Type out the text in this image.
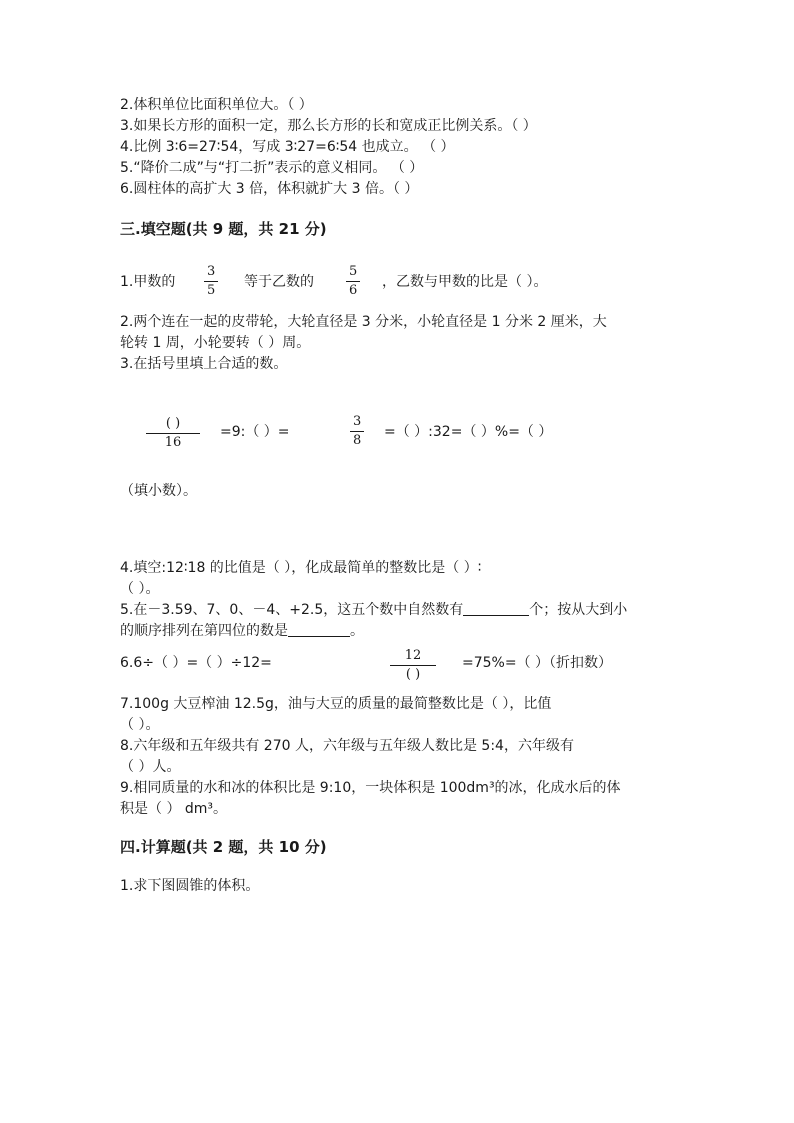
2.体积单位比面积单位大。（ ）
3.如果长方形的面积一定，那么长方形的长和宽成正比例关系。（ ）
4.比例 3∶6=27∶54，写成 3∶27=6∶54 也成立。 （ ）
5.“降价二成”与“打二折”表示的意义相同。 （ ）
6.圆柱体的高扩大 3 倍，体积就扩大 3 倍。（ ）
三.填空题(共 9 题，共 21 分)
1.甲数的
3
5
等于乙数的
5
6
，乙数与甲数的比是（ ）。
2.两个连在一起的皮带轮，大轮直径是 3 分米，小轮直径是 1 分米 2 厘米，大
轮转 1 周，小轮要转（ ）周。
3.在括号里填上合适的数。
( )
16
=9:（ ）=
3
8
=（ ）:32=（ ）%=（ ）
（填小数）。
4.填空:12∶18 的比值是（ ），化成最简单的整数比是（ ）∶
（ ）。
5.在－3.59、7、0、－4、+2.5，这五个数中自然数有	个；按从大到小
的顺序排列在第四位的数是	。
6.6÷（ ）=（ ）÷12=	12
( )
=75%=（ ）（折扣数）
7.100g 大豆榨油 12.5g，油与大豆的质量的最简整数比是（ ），比值
（ ）。
8.六年级和五年级共有 270 人，六年级与五年级人数比是 5:4，六年级有
（ ）人。
9.相同质量的水和冰的体积比是 9:10，一块体积是 100dm³的冰，化成水后的体
积是（ ） dm³。
四.计算题(共 2 题，共 10 分)
1.求下图圆锥的体积。
